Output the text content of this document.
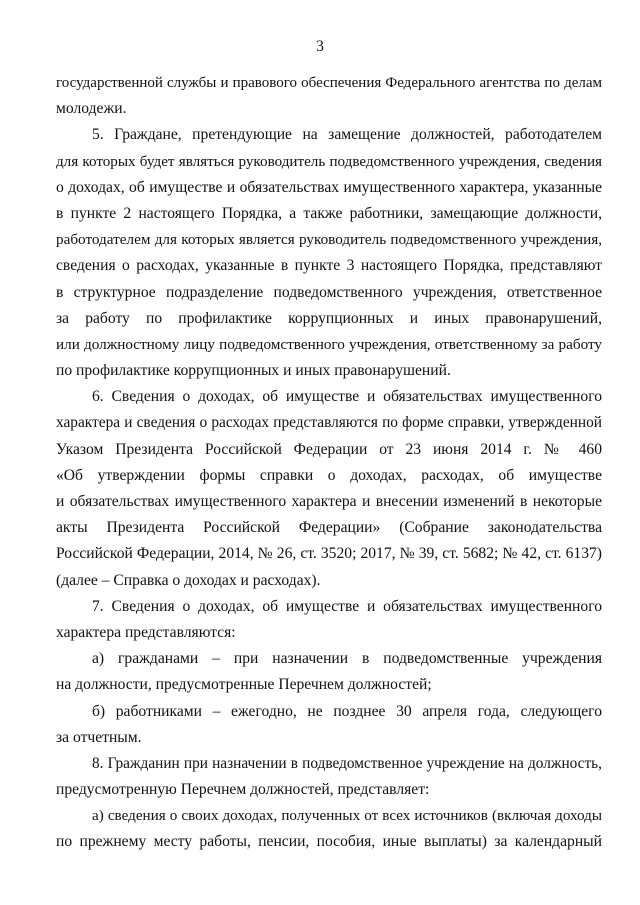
3
государственной службы и правового обеспечения Федерального агентства по делам
молодежи.
5. Граждане, претендующие на замещение должностей, работодателем
для которых будет являться руководитель подведомственного учреждения, сведения
о доходах, об имуществе и обязательствах имущественного характера, указанные
в пункте 2 настоящего Порядка, а также работники, замещающие должности,
работодателем для которых является руководитель подведомственного учреждения,
сведения о расходах, указанные в пункте 3 настоящего Порядка, представляют
в структурное подразделение подведомственного учреждения, ответственное
за работу по профилактике коррупционных и иных правонарушений,
или должностному лицу подведомственного учреждения, ответственному за работу
по профилактике коррупционных и иных правонарушений.
6. Сведения о доходах, об имуществе и обязательствах имущественного
характера и сведения о расходах представляются по форме справки, утвержденной
Указом Президента Российской Федерации от 23 июня 2014 г. № 460
«Об утверждении формы справки о доходах, расходах, об имуществе
и обязательствах имущественного характера и внесении изменений в некоторые
акты Президента Российской Федерации» (Собрание законодательства
Российской Федерации, 2014, № 26, ст. 3520; 2017, № 39, ст. 5682; № 42, ст. 6137)
(далее – Справка о доходах и расходах).
7. Сведения о доходах, об имуществе и обязательствах имущественного
характера представляются:
а) гражданами – при назначении в подведомственные учреждения
на должности, предусмотренные Перечнем должностей;
б) работниками – ежегодно, не позднее 30 апреля года, следующего
за отчетным.
8. Гражданин при назначении в подведомственное учреждение на должность,
предусмотренную Перечнем должностей, представляет:
а) сведения о своих доходах, полученных от всех источников (включая доходы
по прежнему месту работы, пенсии, пособия, иные выплаты) за календарный
